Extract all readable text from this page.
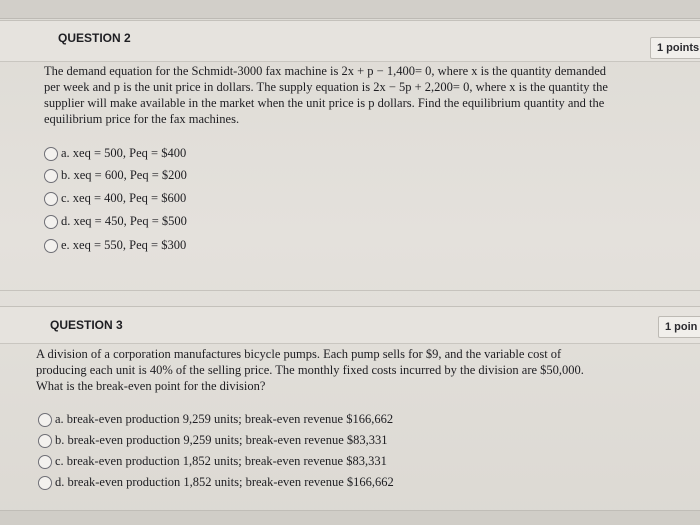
QUESTION 2
1 points
The demand equation for the Schmidt-3000 fax machine is 2x + p − 1,400= 0, where x is the quantity demanded
per week and p is the unit price in dollars. The supply equation is 2x − 5p + 2,200= 0, where x is the quantity the
supplier will make available in the market when the unit price is p dollars. Find the equilibrium quantity and the
equilibrium price for the fax machines.
a. xeq = 500, Peq = $400
b. xeq = 600, Peq = $200
c. xeq = 400, Peq = $600
d. xeq = 450, Peq = $500
e. xeq = 550, Peq = $300
QUESTION 3	1 poin
A division of a corporation manufactures bicycle pumps. Each pump sells for $9, and the variable cost of
producing each unit is 40% of the selling price. The monthly fixed costs incurred by the division are $50,000.
What is the break-even point for the division?
a. break-even production 9,259 units; break-even revenue $166,662
b. break-even production 9,259 units; break-even revenue $83,331
c. break-even production 1,852 units; break-even revenue $83,331
d. break-even production 1,852 units; break-even revenue $166,662
